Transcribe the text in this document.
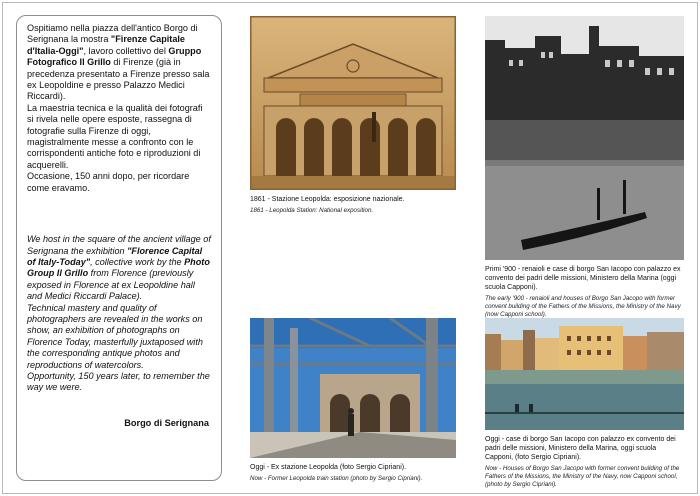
Ospitiamo nella piazza dell'antico Borgo di Serignana la mostra "Firenze Capitale d'Italia-Oggi", lavoro collettivo del Gruppo Fotografico Il Grillo di Firenze (già in precedenza presentato a Firenze presso sala ex Leopoldine e presso Palazzo Medici Riccardi).
La maestria tecnica e la qualità dei fotografi si rivela nelle opere esposte, rassegna di fotografie sulla Firenze di oggi, magistralmente messe a confronto con le corrispondenti antiche foto e riproduzioni di acquerelli.
Occasione, 150 anni dopo, per ricordare come eravamo.

We host in the square of the ancient village of Serignana the exhibition "Florence Capital of Italy-Today", collective work by the Photo Group Il Grillo from Florence (previously exposed in Florence at ex Leopoldine hall and Medici Riccardi Palace).
Technical mastery and quality of photographers are revealed in the works on show, an exhibition of photographs on Florence Today, masterfully juxtaposed with the corresponding antique photos and reproductions of watercolors.
Opportunity, 150 years later, to remember the way we were.

Borgo di Serignana
1861 - Stazione Leopolda: esposizione nazionale.
1861 - Leopolda Station: National exposition.
Primi '900 - renaioli e case di borgo San Iacopo con palazzo ex convento dei padri delle missioni, Ministero della Marina (oggi scuola Capponi).
The early '900 - renaioli and houses of Borgo San Jacopo with former convent building of the Fathers of the Missions, the Ministry of the Navy (now Capponi school).
Oggi - Ex stazione Leopolda (foto Sergio Cipriani).
Now - Former Leopolda train station (photo by Sergio Cipriani).
Oggi - case di borgo San Iacopo con palazzo ex convento dei padri delle missioni, Ministero della Marina, oggi scuola Capponi, (foto Sergio Cipriani).
Now - Houses of Borgo San Jacopo with former convent building of the Fathers of the Missions, the Ministry of the Navy, now Capponi school, (photo by Sergio Cipriani).
